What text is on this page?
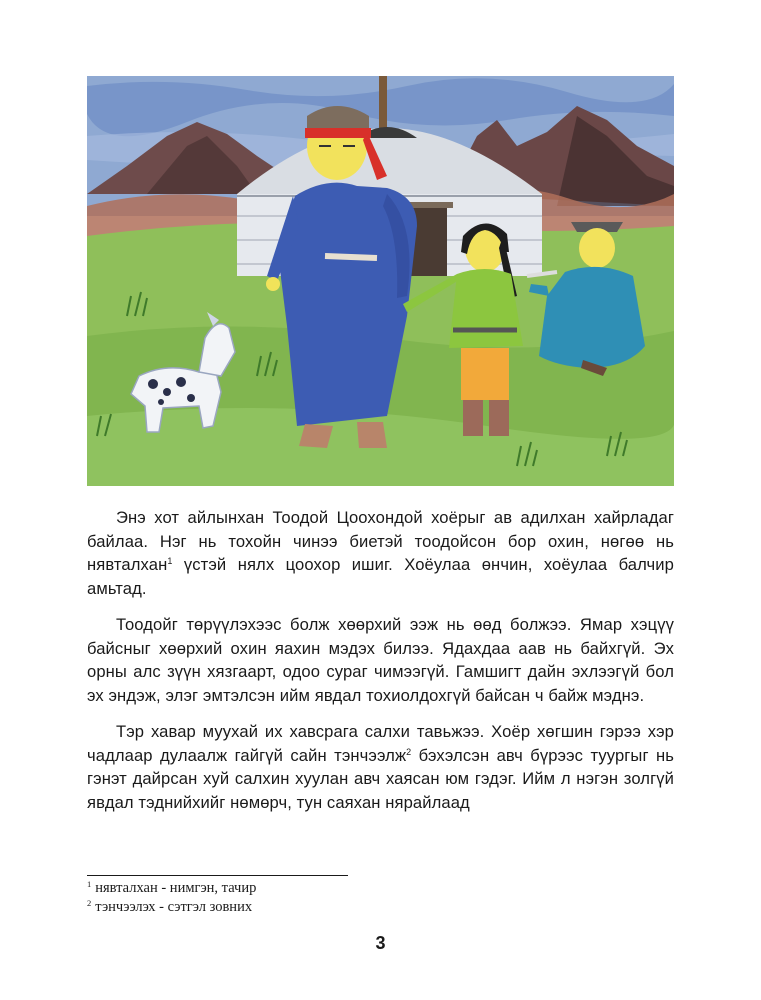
Энэ хот айлынхан Тоодой Цоохондой хоёрыг ав адилхан хайрладаг байлаа. Нэг нь тохойн чинээ биетэй тоодойсон бор охин, нөгөө нь нявталхан$^1$ үстэй нялх цоохор ишиг. Хоёулаа өнчин, хоёулаа балчир амьтад.

Тоодойг төрүүлэхээс болж хөөрхий ээж нь өөд болжээ. Ямар хэцүү байсныг хөөрхий охин яахин мэдэх билээ. Ядахдаа аав нь байхгүй. Эх орны алс зүүн хязгаарт, одоо сураг чимээгүй. Гамшигт дайн эхлээгүй бол эх эндэж, элэг эмтэлсэн ийм явдал тохиолдохгүй байсан ч байж мэднэ.

Тэр хавар муухай их хавсрага салхи тавьжээ. Хоёр хөгшин гэрээ хэр чадлаар дулаалж гайгүй сайн тэнчээлж$^2$ бэхэлсэн авч бүрээс туургыг нь гэнэт дайрсан хуй салхин хуулан авч хаясан юм гэдэг. Ийм л нэгэн золгүй явдал тэднийхийг нөмөрч, тун саяхан нярайлаад

$^1$ нявталхан - нимгэн, тачир
$^2$ тэнчээлэх - сэтгэл зовних
3
